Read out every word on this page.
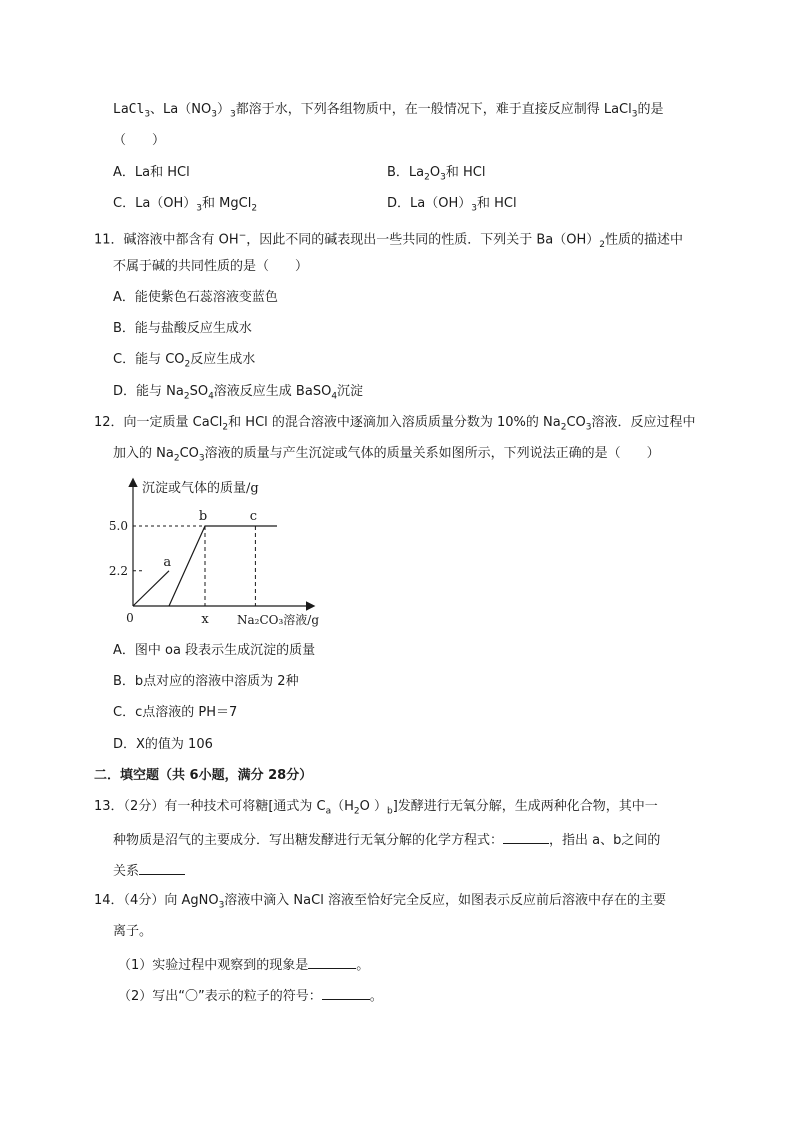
LaCl$_3$、$La(NO_3)_3$都溶于水，下列各组物质中，在一般情况下，难于直接反应制得 LaCl$_3$的是
（　　）
A．La和 HCl	B．$La_2O_3$和 HCl
C．$La(OH)_3$和 MgCl$_2$	D．$La(OH)_3$和 HCl
11．碱溶液中都含有 OH−，因此不同的碱表现出一些共同的性质．下列关于 $Ba(OH)_2$性质的描述中
不属于碱的共同性质的是（　　）
A．能使紫色石蕊溶液变蓝色
B．能与盐酸反应生成水
C．能与 $CO_2$反应生成水
D．能与 $Na_2SO_4$溶液反应生成 BaSO$_4$沉淀
12．向一定质量 CaCl$_2$和 HCl 的混合溶液中逐滴加入溶质质量分数为 10%的 $Na_2CO_3$溶液．反应过程中
加入的 $Na_2CO_3$溶液的质量与产生沉淀或气体的质量关系如图所示，下列说法正确的是（　　）
沉淀或气体的质量/g
Na₂CO₃溶液/g
0
5.0
2.2
a
b	c
x
A．图中 oa 段表示生成沉淀的质量
B．b点对应的溶液中溶质为 2种
C．c点溶液的 PH＝7
D．X的值为 106
二．填空题（共 6小题，满分 28分）
13．（2分）有一种技术可将糖[通式为 $C_a(H_2O$ ）$_b$]发酵进行无氧分解，生成两种化合物，其中一
种物质是沼气的主要成分．写出糖发酵进行无氧分解的化学方程式：	，指出 a、b之间的
关系
14．（4分）向 AgNO$_3$溶液中滴入 NaCl 溶液至恰好完全反应，如图表示反应前后溶液中存在的主要
离子。
（1）实验过程中观察到的现象是	。
（2）写出“〇”表示的粒子的符号：	。
